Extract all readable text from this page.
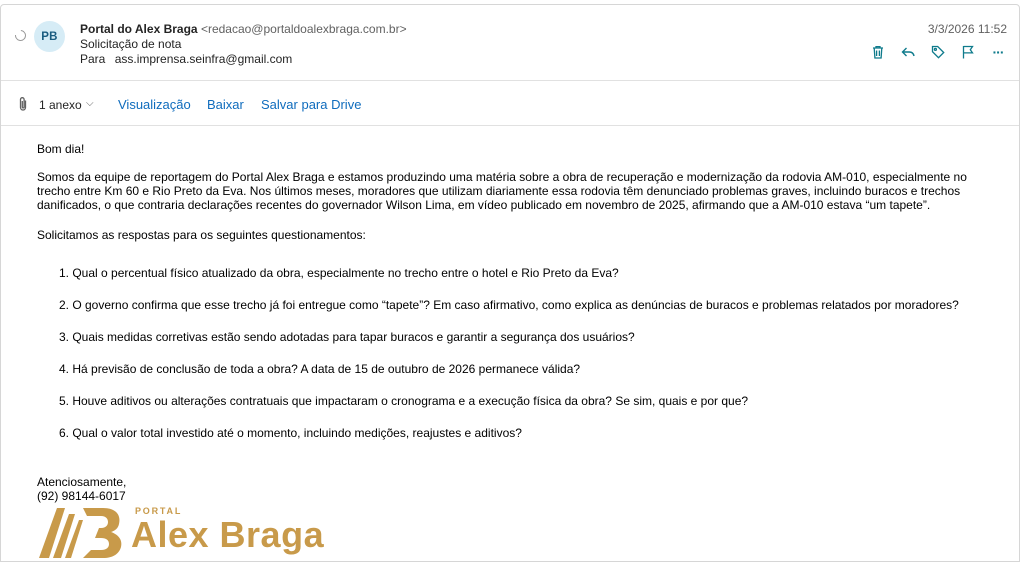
PB
Portal do Alex Braga <redacao@portaldoalexbraga.com.br>
Solicitação de nota
Para ass.imprensa.seinfra@gmail.com
3/3/2026 11:52
···
1 anexo ⌵ Visualização Baixar Salvar para Drive
Bom dia!
Somos da equipe de reportagem do Portal Alex Braga e estamos produzindo uma matéria sobre a obra de recuperação e modernização da rodovia AM-010, especialmente no trecho entre Km 60 e Rio Preto da Eva. Nos últimos meses, moradores que utilizam diariamente essa rodovia têm denunciado problemas graves, incluindo buracos e trechos danificados, o que contraria declarações recentes do governador Wilson Lima, em vídeo publicado em novembro de 2025, afirmando que a AM-010 estava “um tapete”.
Solicitamos as respostas para os seguintes questionamentos:
1. Qual o percentual físico atualizado da obra, especialmente no trecho entre o hotel e Rio Preto da Eva?
2. O governo confirma que esse trecho já foi entregue como “tapete”? Em caso afirmativo, como explica as denúncias de buracos e problemas relatados por moradores?
3. Quais medidas corretivas estão sendo adotadas para tapar buracos e garantir a segurança dos usuários?
4. Há previsão de conclusão de toda a obra? A data de 15 de outubro de 2026 permanece válida?
5. Houve aditivos ou alterações contratuais que impactaram o cronograma e a execução física da obra? Se sim, quais e por que?
6. Qual o valor total investido até o momento, incluindo medições, reajustes e aditivos?
Atenciosamente,
(92) 98144-6017
PORTAL
Alex Braga
